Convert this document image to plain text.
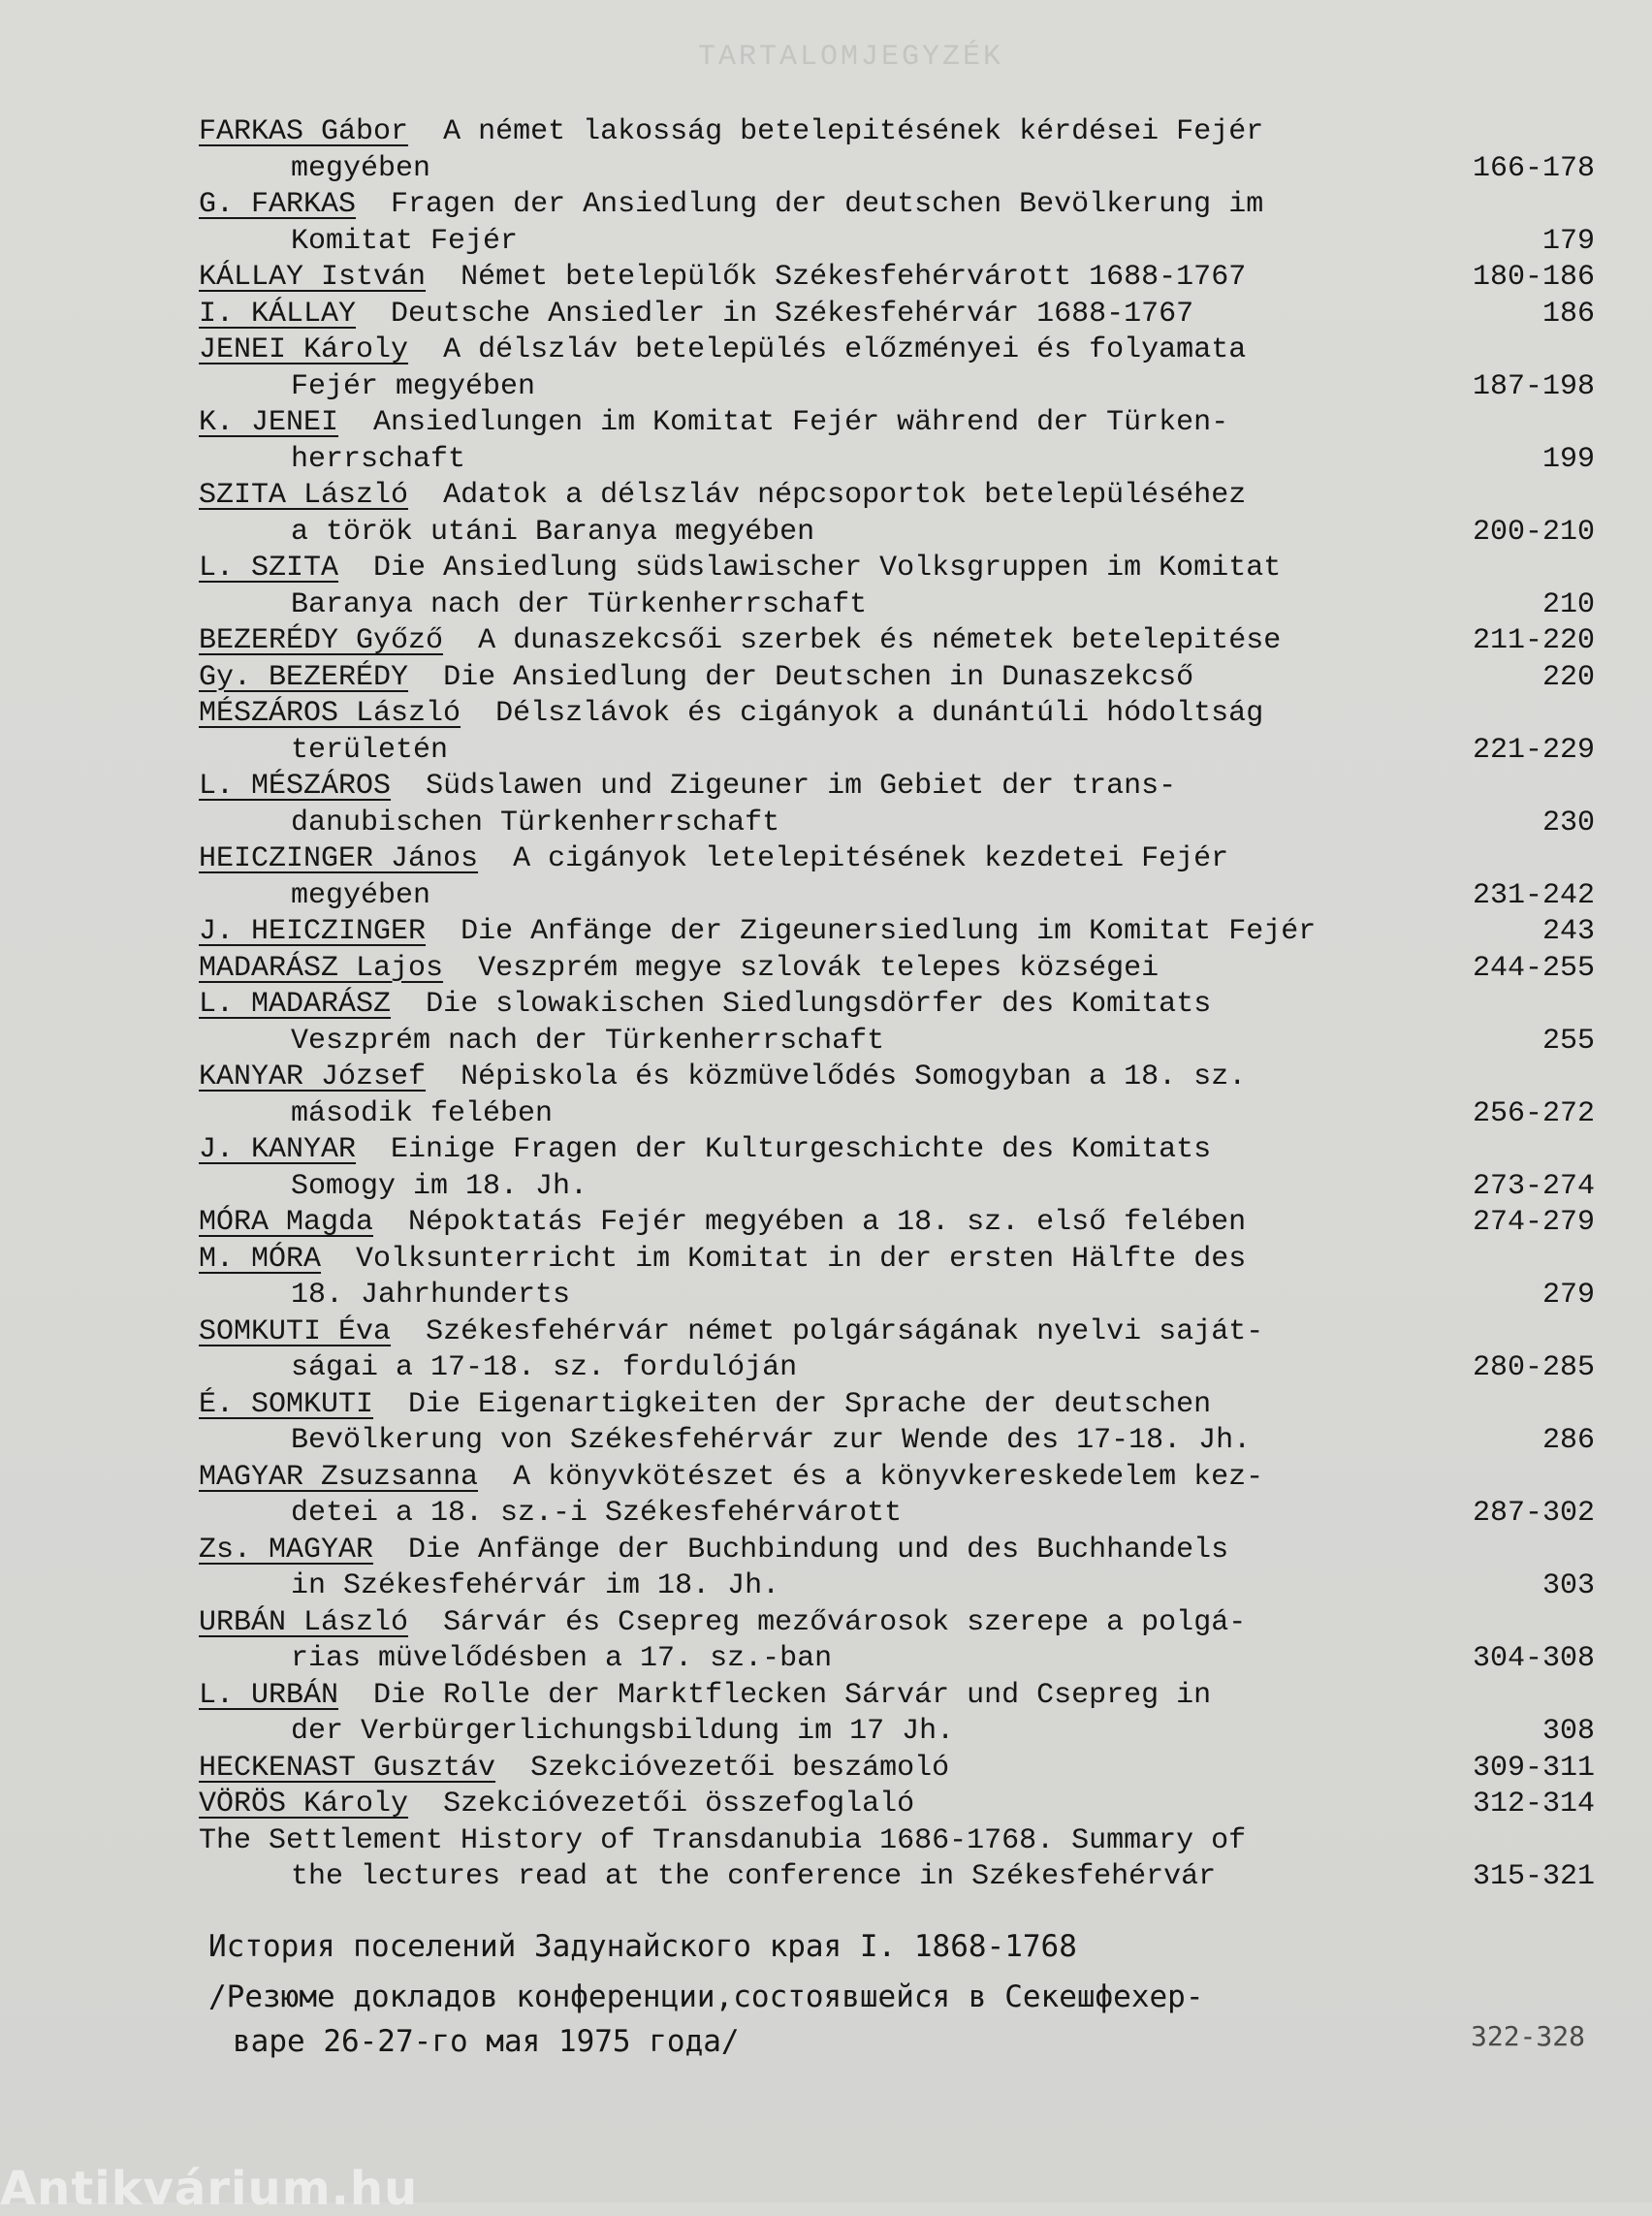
TARTALOMJEGYZÉK
FARKAS Gábor A német lakosság betelepitésének kérdései Fejér
megyében	166-178
G. FARKAS Fragen der Ansiedlung der deutschen Bevölkerung im
Komitat Fejér	179
KÁLLAY István Német betelepülők Székesfehérvárott 1688-1767	180-186
I. KÁLLAY Deutsche Ansiedler in Székesfehérvár 1688-1767	186
JENEI Károly A délszláv betelepülés előzményei és folyamata
Fejér megyében	187-198
K. JENEI Ansiedlungen im Komitat Fejér während der Türken-
herrschaft	199
SZITA László Adatok a délszláv népcsoportok betelepüléséhez
a török utáni Baranya megyében	200-210
L. SZITA Die Ansiedlung südslawischer Volksgruppen im Komitat
Baranya nach der Türkenherrschaft	210
BEZERÉDY Győző A dunaszekcsői szerbek és németek betelepitése	211-220
Gy. BEZERÉDY Die Ansiedlung der Deutschen in Dunaszekcső	220
MÉSZÁROS László Délszlávok és cigányok a dunántúli hódoltság
területén	221-229
L. MÉSZÁROS Südslawen und Zigeuner im Gebiet der trans-
danubischen Türkenherrschaft	230
HEICZINGER János A cigányok letelepitésének kezdetei Fejér
megyében	231-242
J. HEICZINGER Die Anfänge der Zigeunersiedlung im Komitat Fejér	243
MADARÁSZ Lajos Veszprém megye szlovák telepes községei	244-255
L. MADARÁSZ Die slowakischen Siedlungsdörfer des Komitats
Veszprém nach der Türkenherrschaft	255
KANYAR József Népiskola és közmüvelődés Somogyban a 18. sz.
második felében	256-272
J. KANYAR Einige Fragen der Kulturgeschichte des Komitats
Somogy im 18. Jh.	273-274
MÓRA Magda Népoktatás Fejér megyében a 18. sz. első felében	274-279
M. MÓRA Volksunterricht im Komitat in der ersten Hälfte des
18. Jahrhunderts	279
SOMKUTI Éva Székesfehérvár német polgárságának nyelvi saját-
ságai a 17-18. sz. fordulóján	280-285
É. SOMKUTI Die Eigenartigkeiten der Sprache der deutschen
Bevölkerung von Székesfehérvár zur Wende des 17-18. Jh.	286
MAGYAR Zsuzsanna A könyvkötészet és a könyvkereskedelem kez-
detei a 18. sz.-i Székesfehérvárott	287-302
Zs. MAGYAR Die Anfänge der Buchbindung und des Buchhandels
in Székesfehérvár im 18. Jh.	303
URBÁN László Sárvár és Csepreg mezővárosok szerepe a polgá-
rias müvelődésben a 17. sz.-ban	304-308
L. URBÁN Die Rolle der Marktflecken Sárvár und Csepreg in
der Verbürgerlichungsbildung im 17 Jh.	308
HECKENAST Gusztáv Szekcióvezetői beszámoló	309-311
VÖRÖS Károly Szekcióvezetői összefoglaló	312-314
The Settlement History of Transdanubia 1686-1768. Summary of
the lectures read at the conference in Székesfehérvár	315-321
История поселений Задунайского края I. 1868-1768
/Резюме докладов конференции,состоявшейся в Секешфехер-
варе 26-27-го мая 1975 года/	322-328
Antikvárium.hu
